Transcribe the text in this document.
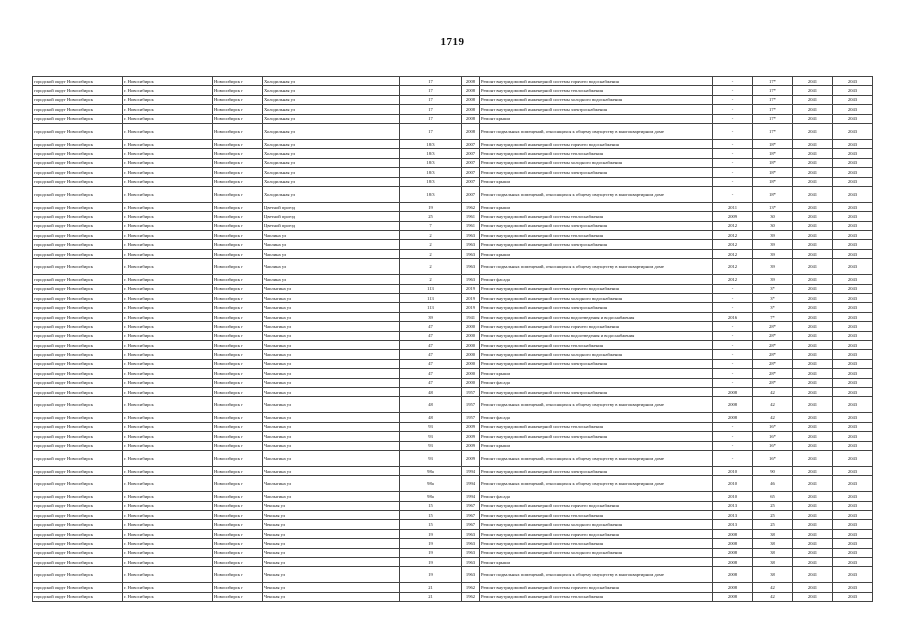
1719
городской округ Новосибирск	г. Новосибирск	Новосибирск г	Холодильная ул	17	2008	Ремонт внутридомовой инженерной системы горячего водоснабжения	-	17*	2041	2043
городской округ Новосибирск	г. Новосибирск	Новосибирск г	Холодильная ул	17	2008	Ремонт внутридомовой инженерной системы теплоснабжения	-	17*	2041	2043
городской округ Новосибирск	г. Новосибирск	Новосибирск г	Холодильная ул	17	2008	Ремонт внутридомовой инженерной системы холодного водоснабжения	-	17*	2041	2043
городской округ Новосибирск	г. Новосибирск	Новосибирск г	Холодильная ул	17	2008	Ремонт внутридомовой инженерной системы электроснабжения	-	17*	2041	2043
городской округ Новосибирск	г. Новосибирск	Новосибирск г	Холодильная ул	17	2008	Ремонт крыши	-	17*	2041	2043
городской округ Новосибирск	г. Новосибирск	Новосибирск г	Холодильная ул	17	2008	Ремонт подвальных помещений, относящихся к общему имуществу в многоквартирном доме	-	17*	2041	2043
городской округ Новосибирск	г. Новосибирск	Новосибирск г	Холодильная ул	18/3	2007	Ремонт внутридомовой инженерной системы горячего водоснабжения	-	18*	2041	2043
городской округ Новосибирск	г. Новосибирск	Новосибирск г	Холодильная ул	18/3	2007	Ремонт внутридомовой инженерной системы теплоснабжения	-	18*	2041	2043
городской округ Новосибирск	г. Новосибирск	Новосибирск г	Холодильная ул	18/3	2007	Ремонт внутридомовой инженерной системы холодного водоснабжения	-	18*	2041	2043
городской округ Новосибирск	г. Новосибирск	Новосибирск г	Холодильная ул	18/3	2007	Ремонт внутридомовой инженерной системы электроснабжения	-	18*	2041	2043
городской округ Новосибирск	г. Новосибирск	Новосибирск г	Холодильная ул	18/3	2007	Ремонт крыши	-	18*	2041	2043
городской округ Новосибирск	г. Новосибирск	Новосибирск г	Холодильная ул	18/3	2007	Ремонт подвальных помещений, относящихся к общему имуществу в многоквартирном доме	-	18*	2041	2043
городской округ Новосибирск	г. Новосибирск	Новосибирск г	Цветной проезд	19	1962	Ремонт крыши	2011	13*	2041	2043
городской округ Новосибирск	г. Новосибирск	Новосибирск г	Цветной проезд	25	1961	Ремонт внутридомовой инженерной системы теплоснабжения	2009	30	2041	2043
городской округ Новосибирск	г. Новосибирск	Новосибирск г	Цветной проезд	7	1961	Ремонт внутридомовой инженерной системы электроснабжения	2012	30	2041	2043
городской округ Новосибирск	г. Новосибирск	Новосибирск г	Чаплина ул	2	1963	Ремонт внутридомовой инженерной системы теплоснабжения	2012	39	2041	2043
городской округ Новосибирск	г. Новосибирск	Новосибирск г	Чаплина ул	2	1963	Ремонт внутридомовой инженерной системы электроснабжения	2012	39	2041	2043
городской округ Новосибирск	г. Новосибирск	Новосибирск г	Чаплина ул	2	1963	Ремонт крыши	2012	39	2041	2043
городской округ Новосибирск	г. Новосибирск	Новосибирск г	Чаплина ул	2	1963	Ремонт подвальных помещений, относящихся к общему имуществу в многоквартирном доме	2012	39	2041	2043
городской округ Новосибирск	г. Новосибирск	Новосибирск г	Чаплина ул	2	1963	Ремонт фасада	2012	39	2041	2043
городской округ Новосибирск	г. Новосибирск	Новосибирск г	Чаплыгина ул	113	2019	Ремонт внутридомовой инженерной системы горячего водоснабжения	-	3*	2041	2043
городской округ Новосибирск	г. Новосибирск	Новосибирск г	Чаплыгина ул	113	2019	Ремонт внутридомовой инженерной системы холодного водоснабжения	-	3*	2041	2043
городской округ Новосибирск	г. Новосибирск	Новосибирск г	Чаплыгина ул	113	2019	Ремонт внутридомовой инженерной системы электроснабжения	-	3*	2041	2043
городской округ Новосибирск	г. Новосибирск	Новосибирск г	Чаплыгина ул	39	1941	Ремонт внутридомовой инженерной системы водоотведения и водоснабжения	2016	7*	2041	2043
городской округ Новосибирск	г. Новосибирск	Новосибирск г	Чаплыгина ул	47	2000	Ремонт внутридомовой инженерной системы горячего водоснабжения	-	28*	2041	2043
городской округ Новосибирск	г. Новосибирск	Новосибирск г	Чаплыгина ул	47	2000	Ремонт внутридомовой инженерной системы водоотведения и водоснабжения	-	28*	2041	2043
городской округ Новосибирск	г. Новосибирск	Новосибирск г	Чаплыгина ул	47	2000	Ремонт внутридомовой инженерной системы теплоснабжения	-	28*	2041	2043
городской округ Новосибирск	г. Новосибирск	Новосибирск г	Чаплыгина ул	47	2000	Ремонт внутридомовой инженерной системы холодного водоснабжения	-	28*	2041	2043
городской округ Новосибирск	г. Новосибирск	Новосибирск г	Чаплыгина ул	47	2000	Ремонт внутридомовой инженерной системы электроснабжения	-	28*	2041	2043
городской округ Новосибирск	г. Новосибирск	Новосибирск г	Чаплыгина ул	47	2000	Ремонт крыши	-	28*	2041	2043
городской округ Новосибирск	г. Новосибирск	Новосибирск г	Чаплыгина ул	47	2000	Ремонт фасада	-	28*	2041	2043
городской округ Новосибирск	г. Новосибирск	Новосибирск г	Чаплыгина ул	48	1957	Ремонт внутридомовой инженерной системы электроснабжения	2008	42	2041	2043
городской округ Новосибирск	г. Новосибирск	Новосибирск г	Чаплыгина ул	48	1957	Ремонт подвальных помещений, относящихся к общему имуществу в многоквартирном доме	2008	42	2041	2043
городской округ Новосибирск	г. Новосибирск	Новосибирск г	Чаплыгина ул	48	1957	Ремонт фасада	2008	42	2041	2043
городской округ Новосибирск	г. Новосибирск	Новосибирск г	Чаплыгина ул	93	2009	Ремонт внутридомовой инженерной системы теплоснабжения	-	16*	2041	2043
городской округ Новосибирск	г. Новосибирск	Новосибирск г	Чаплыгина ул	93	2009	Ремонт внутридомовой инженерной системы электроснабжения	-	16*	2041	2043
городской округ Новосибирск	г. Новосибирск	Новосибирск г	Чаплыгина ул	93	2009	Ремонт крыши	-	16*	2041	2043
городской округ Новосибирск	г. Новосибирск	Новосибирск г	Чаплыгина ул	93	2009	Ремонт подвальных помещений, относящихся к общему имуществу в многоквартирном доме	-	16*	2041	2043
городской округ Новосибирск	г. Новосибирск	Новосибирск г	Чаплыгина ул	98а	1994	Ремонт внутридомовой инженерной системы электроснабжения	2010	90	2041	2043
городской округ Новосибирск	г. Новосибирск	Новосибирск г	Чаплыгина ул	98а	1994	Ремонт подвальных помещений, относящихся к общему имуществу в многоквартирном доме	2010	46	2041	2043
городской округ Новосибирск	г. Новосибирск	Новосибирск г	Чаплыгина ул	98а	1994	Ремонт фасада	2010	65	2041	2043
городской округ Новосибирск	г. Новосибирск	Новосибирск г	Чекская ул	15	1967	Ремонт внутридомовой инженерной системы горячего водоснабжения	2013	25	2041	2043
городской округ Новосибирск	г. Новосибирск	Новосибирск г	Чекская ул	15	1967	Ремонт внутридомовой инженерной системы теплоснабжения	2013	25	2041	2043
городской округ Новосибирск	г. Новосибирск	Новосибирск г	Чекская ул	15	1967	Ремонт внутридомовой инженерной системы холодного водоснабжения	2013	25	2041	2043
городской округ Новосибирск	г. Новосибирск	Новосибирск г	Чекская ул	19	1963	Ремонт внутридомовой инженерной системы горячего водоснабжения	2008	38	2041	2043
городской округ Новосибирск	г. Новосибирск	Новосибирск г	Чекская ул	19	1963	Ремонт внутридомовой инженерной системы теплоснабжения	2008	38	2041	2043
городской округ Новосибирск	г. Новосибирск	Новосибирск г	Чекская ул	19	1963	Ремонт внутридомовой инженерной системы холодного водоснабжения	2008	38	2041	2043
городской округ Новосибирск	г. Новосибирск	Новосибирск г	Чекская ул	19	1963	Ремонт крыши	2008	38	2041	2043
городской округ Новосибирск	г. Новосибирск	Новосибирск г	Чекская ул	19	1963	Ремонт подвальных помещений, относящихся к общему имуществу в многоквартирном доме	2008	38	2041	2043
городской округ Новосибирск	г. Новосибирск	Новосибирск г	Чекская ул	21	1962	Ремонт внутридомовой инженерной системы горячего водоснабжения	2008	42	2041	2043
городской округ Новосибирск	г. Новосибирск	Новосибирск г	Чекская ул	21	1962	Ремонт внутридомовой инженерной системы теплоснабжения	2008	42	2041	2043
